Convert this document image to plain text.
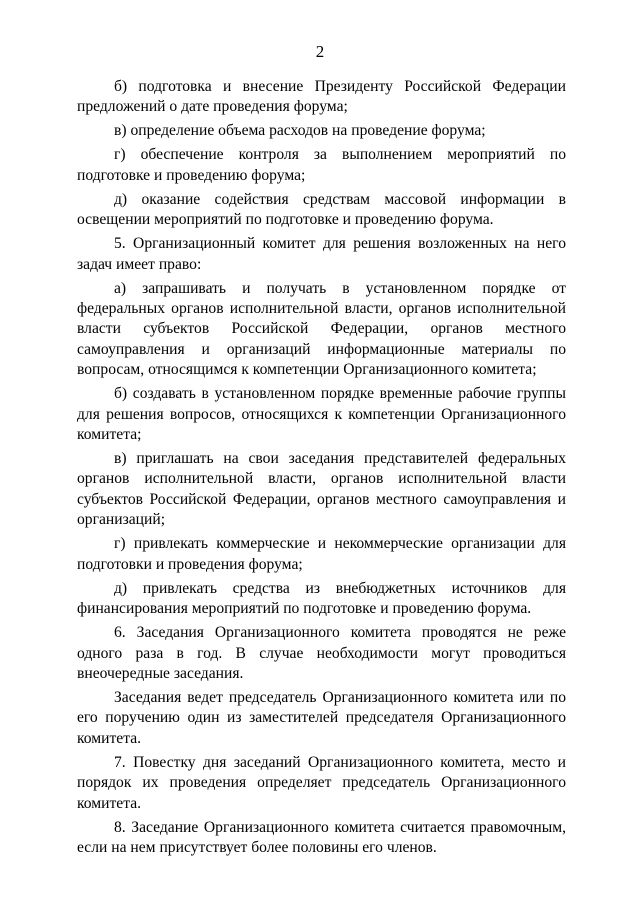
2

б) подготовка и внесение Президенту Российской Федерации предложений о дате проведения форума;

в) определение объема расходов на проведение форума;

г) обеспечение контроля за выполнением мероприятий по подготовке и проведению форума;

д) оказание содействия средствам массовой информации в освещении мероприятий по подготовке и проведению форума.

5. Организационный комитет для решения возложенных на него задач имеет право:

а) запрашивать и получать в установленном порядке от федеральных органов исполнительной власти, органов исполнительной власти субъектов Российской Федерации, органов местного самоуправления и организаций информационные материалы по вопросам, относящимся к компетенции Организационного комитета;

б) создавать в установленном порядке временные рабочие группы для решения вопросов, относящихся к компетенции Организационного комитета;

в) приглашать на свои заседания представителей федеральных органов исполнительной власти, органов исполнительной власти субъектов Российской Федерации, органов местного самоуправления и организаций;

г) привлекать коммерческие и некоммерческие организации для подготовки и проведения форума;

д) привлекать средства из внебюджетных источников для финансирования мероприятий по подготовке и проведению форума.

6. Заседания Организационного комитета проводятся не реже одного раза в год. В случае необходимости могут проводиться внеочередные заседания.

Заседания ведет председатель Организационного комитета или по его поручению один из заместителей председателя Организационного комитета.

7. Повестку дня заседаний Организационного комитета, место и порядок их проведения определяет председатель Организационного комитета.

8. Заседание Организационного комитета считается правомочным, если на нем присутствует более половины его членов.
